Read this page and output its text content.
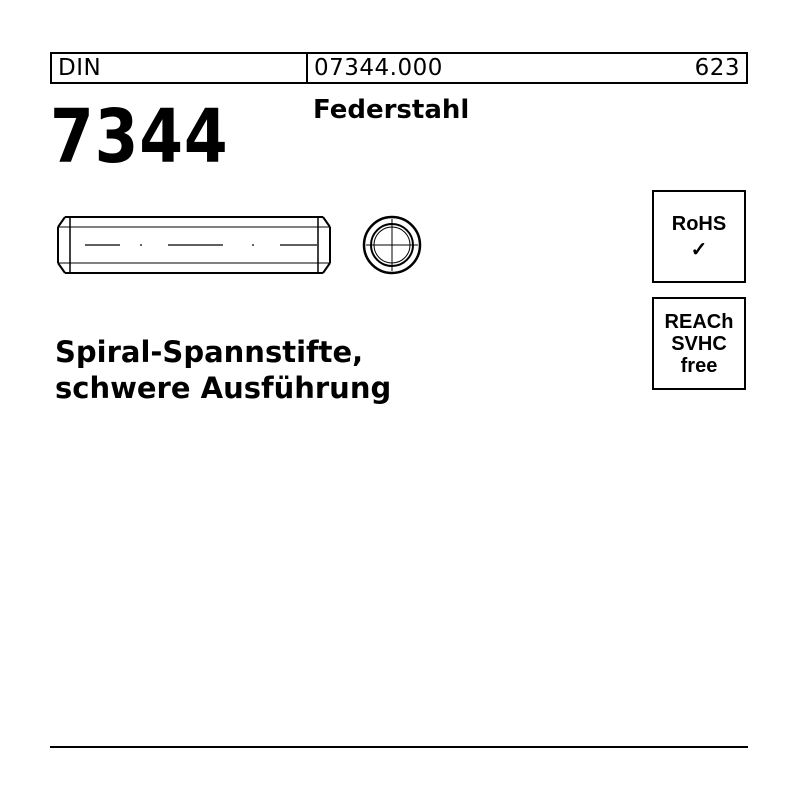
DIN	07344.000	623
7344	Federstahl
Spiral-Spannstifte,
schwere Ausführung
RoHS
✓
REACh
SVHC
free
